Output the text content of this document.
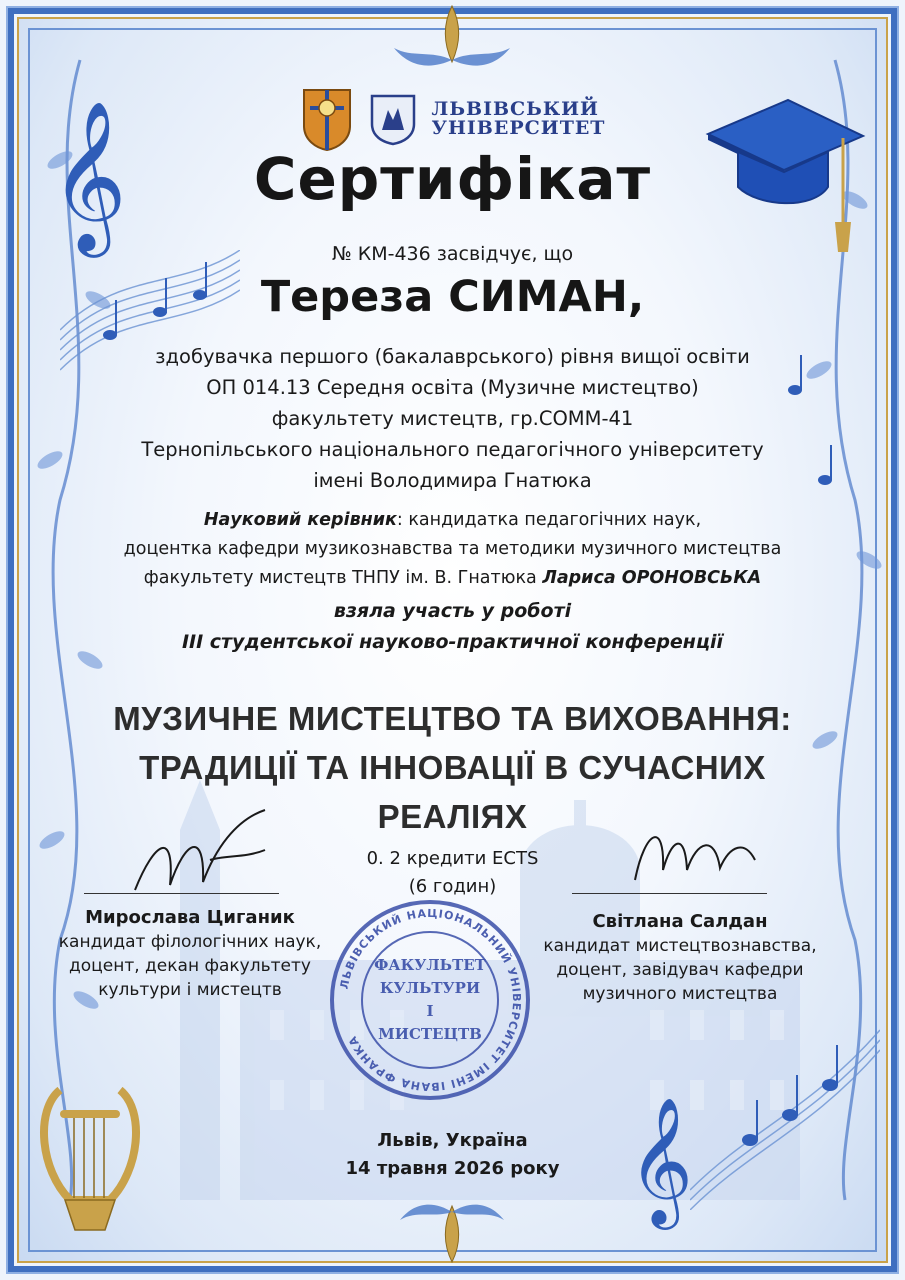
𝄞	ЛЬВІВСЬКИЙ
УНІВЕРСИТЕТ
Сертифікат
№ КМ-436 засвідчує, що
Тереза СИМАН,
здобувачка першого (бакалаврського) рівня вищої освіти
ОП 014.13 Середня освіта (Музичне мистецтво)
факультету мистецтв, гр.СОММ-41
Тернопільського національного педагогічного університету
імені Володимира Гнатюка
Науковий керівник: кандидатка педагогічних наук,
доцентка кафедри музикознавства та методики музичного мистецтва
факультету мистецтв ТНПУ ім. В. Гнатюка Лариса ОРОНОВСЬКА
взяла участь у роботі
ІІІ студентської науково-практичної конференції
МУЗИЧНЕ МИСТЕЦТВО ТА ВИХОВАННЯ:
ТРАДИЦІЇ ТА ІННОВАЦІЇ В СУЧАСНИХ
РЕАЛІЯХ
0. 2 кредити ECTS
(6 годин)
Мирослава Циганик
кандидат філологічних наук,
доцент, декан факультету
культури і мистецтв
Світлана Салдан
кандидат мистецтвознавства,
доцент, завідувач кафедри
музичного мистецтва
ФАКУЛЬТЕТ
КУЛЬТУРИ
І
МИСТЕЦТВ
ЛЬВІВСЬКИЙ НАЦІОНАЛЬНИЙ УНІВЕРСИТЕТ ІМЕНІ ІВАНА ФРАНКА
𝄞
Львів, Україна
14 травня 2026 року
